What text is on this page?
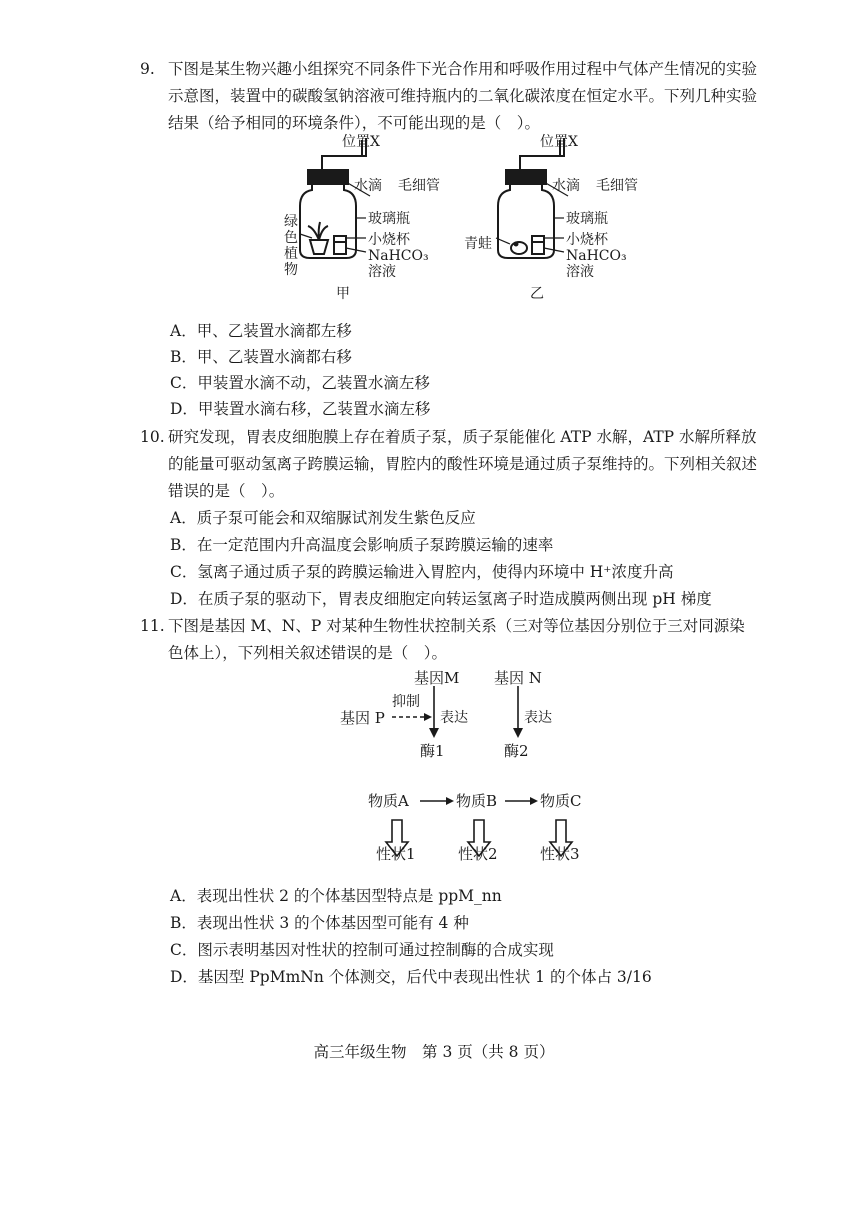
9. 下图是某生物兴趣小组探究不同条件下光合作用和呼吸作用过程中气体产生情况的实验示意图，装置中的碳酸氢钠溶液可维持瓶内的二氧化碳浓度在恒定水平。下列几种实验结果（给予相同的环境条件），不可能出现的是（　）。
位置X
水滴 毛细管
玻璃瓶
小烧杯
NaHCO₃
溶液
绿
色
植
物
甲
位置X
水滴 毛细管
玻璃瓶
小烧杯
NaHCO₃
溶液
青蛙
乙
A．甲、乙装置水滴都左移
B．甲、乙装置水滴都右移
C．甲装置水滴不动，乙装置水滴左移
D．甲装置水滴右移，乙装置水滴左移
10. 研究发现，胃表皮细胞膜上存在着质子泵，质子泵能催化 ATP 水解，ATP 水解所释放的能量可驱动氢离子跨膜运输，胃腔内的酸性环境是通过质子泵维持的。下列相关叙述错误的是（　）。
A．质子泵可能会和双缩脲试剂发生紫色反应
B．在一定范围内升高温度会影响质子泵跨膜运输的速率
C．氢离子通过质子泵的跨膜运输进入胃腔内，使得内环境中 H⁺浓度升高
D．在质子泵的驱动下，胃表皮细胞定向转运氢离子时造成膜两侧出现 pH 梯度
11. 下图是基因 M、N、P 对某种生物性状控制关系（三对等位基因分别位于三对同源染色体上），下列相关叙述错误的是（　）。
基因M 基因 N
基因 P
抑制
表达	表达
酶1	酶2
物质A	物质B	物质C
性状1	性状2	性状3
A．表现出性状 2 的个体基因型特点是 ppM_nn
B．表现出性状 3 的个体基因型可能有 4 种
C．图示表明基因对性状的控制可通过控制酶的合成实现
D．基因型 PpMmNn 个体测交，后代中表现出性状 1 的个体占 3/16
高三年级生物　第 3 页（共 8 页）
